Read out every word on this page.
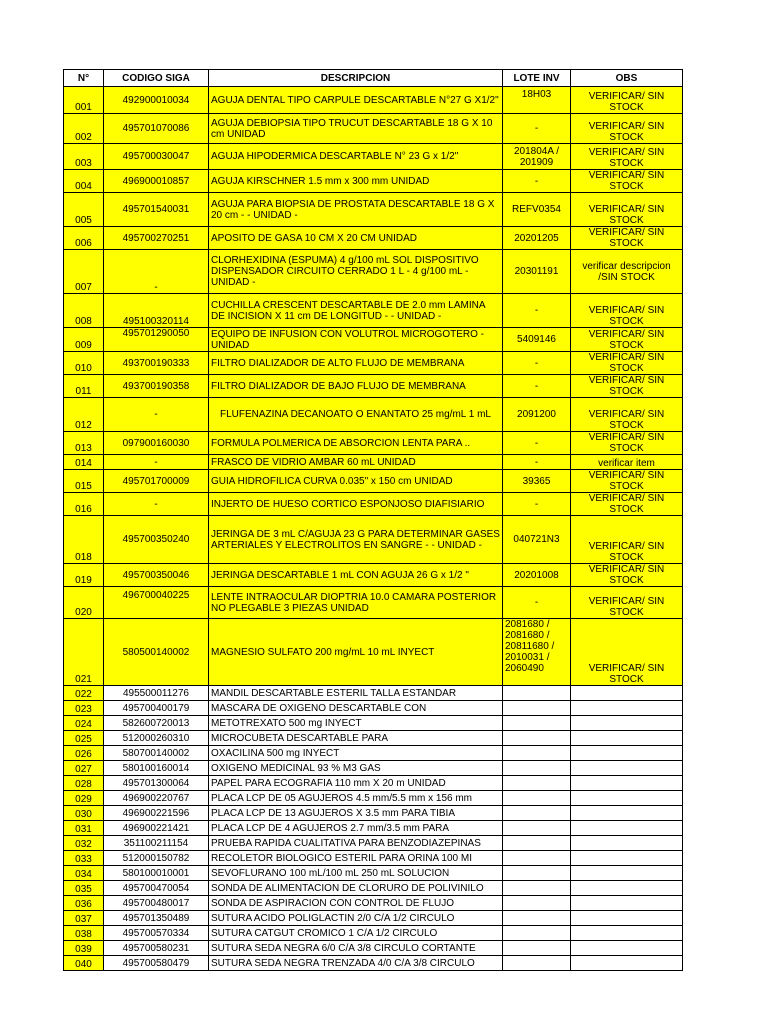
N°	CODIGO SIGA	DESCRIPCION	LOTE INV	OBS
001	492900010034	AGUJA DENTAL TIPO CARPULE DESCARTABLE N°27 G X1/2"	18H03	VERIFICAR/ SIN STOCK
002	495701070086	AGUJA DEBIOPSIA TIPO TRUCUT DESCARTABLE 18 G X 10 cm UNIDAD	-	VERIFICAR/ SIN STOCK
003	495700030047	AGUJA HIPODERMICA DESCARTABLE N° 23 G x 1/2"	201804A / 201909	VERIFICAR/ SIN STOCK
004	496900010857	AGUJA KIRSCHNER 1.5 mm x 300 mm UNIDAD	-	VERIFICAR/ SIN STOCK
005	495701540031	AGUJA PARA BIOPSIA DE PROSTATA DESCARTABLE 18 G X 20 cm - - UNIDAD -	REFV0354	VERIFICAR/ SIN STOCK
006	495700270251	APOSITO DE GASA 10 CM X 20 CM UNIDAD	20201205	VERIFICAR/ SIN STOCK
007	-	CLORHEXIDINA (ESPUMA) 4 g/100 mL SOL DISPOSITIVO DISPENSADOR CIRCUITO CERRADO 1 L - 4 g/100 mL - UNIDAD -	20301191	verificar descripcion /SIN STOCK
008	495100320114	CUCHILLA CRESCENT DESCARTABLE DE 2.0 mm LAMINA DE INCISION X 11 cm DE LONGITUD - - UNIDAD -	-	VERIFICAR/ SIN STOCK
009	495701290050	EQUIPO DE INFUSION CON VOLUTROL MICROGOTERO - UNIDAD	5409146	VERIFICAR/ SIN STOCK
010	493700190333	FILTRO DIALIZADOR DE ALTO FLUJO DE MEMBRANA	-	VERIFICAR/ SIN STOCK
011	493700190358	FILTRO DIALIZADOR DE BAJO FLUJO DE MEMBRANA	-	VERIFICAR/ SIN STOCK
012	-	FLUFENAZINA DECANOATO O ENANTATO 25 mg/mL 1 mL	2091200	VERIFICAR/ SIN STOCK
013	097900160030	FORMULA POLMERICA DE ABSORCION LENTA PARA ..	-	VERIFICAR/ SIN STOCK
014	-	FRASCO DE VIDRIO AMBAR 60 mL UNIDAD	-	verificar item
015	495701700009	GUIA HIDROFILICA CURVA 0.035" x 150 cm UNIDAD	39365	VERIFICAR/ SIN STOCK
016	-	INJERTO DE HUESO CORTICO ESPONJOSO DIAFISIARIO	-	VERIFICAR/ SIN STOCK
018	495700350240	JERINGA DE 3 mL C/AGUJA 23 G PARA DETERMINAR GASES ARTERIALES Y ELECTROLITOS EN SANGRE - - UNIDAD -	040721N3	VERIFICAR/ SIN STOCK
019	495700350046	JERINGA DESCARTABLE 1 mL CON AGUJA 26 G x 1/2 "	20201008	VERIFICAR/ SIN STOCK
020	496700040225	LENTE INTRAOCULAR DIOPTRIA 10.0 CAMARA POSTERIOR NO PLEGABLE 3 PIEZAS UNIDAD	-	VERIFICAR/ SIN STOCK
021	580500140002	MAGNESIO SULFATO 200 mg/mL 10 mL INYECT	2081680 / 2081680 / 20811680 / 2010031 / 2060490	VERIFICAR/ SIN STOCK
022	495500011276	MANDIL DESCARTABLE ESTERIL TALLA ESTANDAR		
023	495700400179	MASCARA DE OXIGENO DESCARTABLE CON		
024	582600720013	METOTREXATO 500 mg INYECT		
025	512000260310	MICROCUBETA DESCARTABLE PARA		
026	580700140002	OXACILINA 500 mg INYECT		
027	580100160014	OXIGENO MEDICINAL 93 % M3 GAS		
028	495701300064	PAPEL PARA ECOGRAFIA 110 mm X 20 m UNIDAD		
029	496900220767	PLACA LCP DE 05 AGUJEROS 4.5 mm/5.5 mm x 156 mm		
030	496900221596	PLACA LCP DE 13 AGUJEROS X 3.5 mm PARA TIBIA		
031	496900221421	PLACA LCP DE 4 AGUJEROS 2.7 mm/3.5 mm PARA		
032	351100211154	PRUEBA RAPIDA CUALITATIVA PARA BENZODIAZEPINAS		
033	512000150782	RECOLETOR BIOLOGICO ESTERIL PARA ORINA 100 MI		
034	580100010001	SEVOFLURANO 100 mL/100 mL 250 mL SOLUCION		
035	495700470054	SONDA DE ALIMENTACION DE CLORURO DE POLIVINILO		
036	495700480017	SONDA DE ASPIRACION CON CONTROL DE FLUJO		
037	495701350489	SUTURA ACIDO POLIGLACTIN 2/0 C/A 1/2 CIRCULO		
038	495700570334	SUTURA CATGUT CROMICO 1 C/A 1/2 CIRCULO		
039	495700580231	SUTURA SEDA NEGRA 6/0 C/A 3/8 CIRCULO CORTANTE		
040	495700580479	SUTURA SEDA NEGRA TRENZADA 4/0 C/A 3/8 CIRCULO		
